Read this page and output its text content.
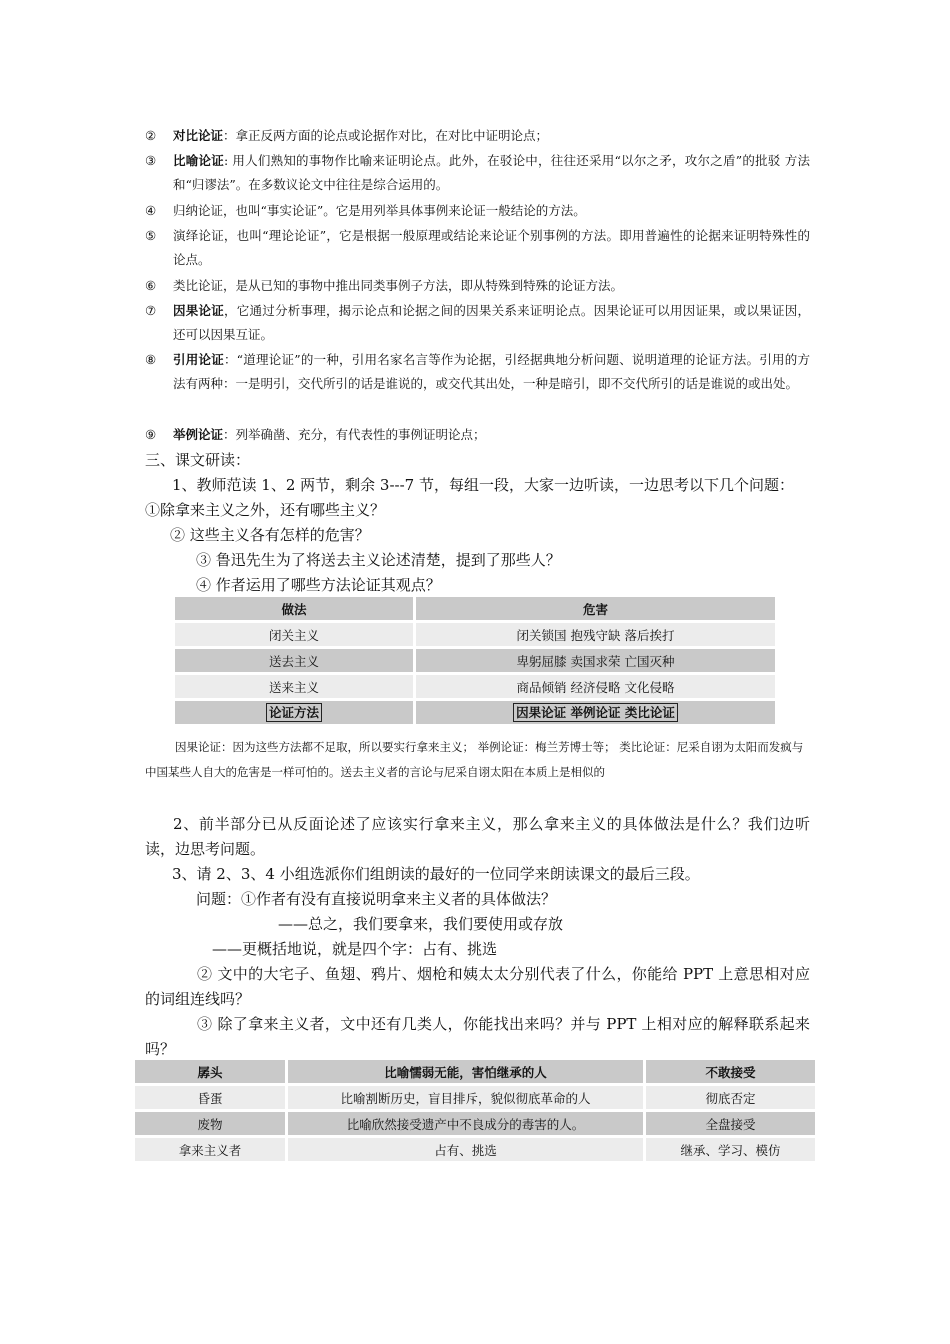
②	对比论证：拿正反两方面的论点或论据作对比，在对比中证明论点；
③	比喻论证: 用人们熟知的事物作比喻来证明论点。此外，在驳论中，往往还采用“以尔之矛，攻尔之盾”的批驳 方法和“归谬法”。在多数议论文中往往是综合运用的。
④	归纳论证，也叫“事实论证”。它是用列举具体事例来论证一般结论的方法。
⑤	演绎论证，也叫“理论论证”，它是根据一般原理或结论来论证个别事例的方法。即用普遍性的论据来证明特殊性的论点。
⑥	类比论证，是从已知的事物中推出同类事例子方法，即从特殊到特殊的论证方法。
⑦	因果论证，它通过分析事理，揭示论点和论据之间的因果关系来证明论点。因果论证可以用因证果，或以果证因，还可以因果互证。
⑧	引用论证：“道理论证”的一种，引用名家名言等作为论据，引经据典地分析问题、说明道理的论证方法。引用的方法有两种：一是明引，交代所引的话是谁说的，或交代其出处，一种是暗引，即不交代所引的话是谁说的或出处。
⑨	举例论证：列举确凿、充分，有代表性的事例证明论点；
三、课文研读：
1、教师范读 1、2 两节，剩余 3---7 节，每组一段，大家一边听读，一边思考以下几个问题：
①除拿来主义之外，还有哪些主义？
② 这些主义各有怎样的危害？
③ 鲁迅先生为了将送去主义论述清楚，提到了那些人？
④ 作者运用了哪些方法论证其观点？
做法	危害
闭关主义	闭关锁国 抱残守缺 落后挨打
送去主义	卑躬屈膝 卖国求荣 亡国灭种
送来主义	商品倾销 经济侵略 文化侵略
论证方法	因果论证 举例论证 类比论证
因果论证：因为这些方法都不足取，所以要实行拿来主义； 举例论证：梅兰芳博士等； 类比论证：尼采自诩为太阳而发疯与中国某些人自大的危害是一样可怕的。送去主义者的言论与尼采自诩太阳在本质上是相似的
2、前半部分已从反面论述了应该实行拿来主义，那么拿来主义的具体做法是什么？我们边听读，边思考问题。
3、请 2、3、4 小组选派你们组朗读的最好的一位同学来朗读课文的最后三段。
问题：①作者有没有直接说明拿来主义者的具体做法？
——总之，我们要拿来，我们要使用或存放
——更概括地说，就是四个字：占有、挑选
② 文中的大宅子、鱼翅、鸦片、烟枪和姨太太分别代表了什么，你能给 PPT 上意思相对应的词组连线吗？
③ 除了拿来主义者，文中还有几类人，你能找出来吗？并与 PPT 上相对应的解释联系起来吗？
孱头	比喻懦弱无能，害怕继承的人	不敢接受
昏蛋	比喻割断历史，盲目排斥，貌似彻底革命的人	彻底否定
废物	比喻欣然接受遗产中不良成分的毒害的人。	全盘接受
拿来主义者	占有、挑选	继承、学习、模仿
